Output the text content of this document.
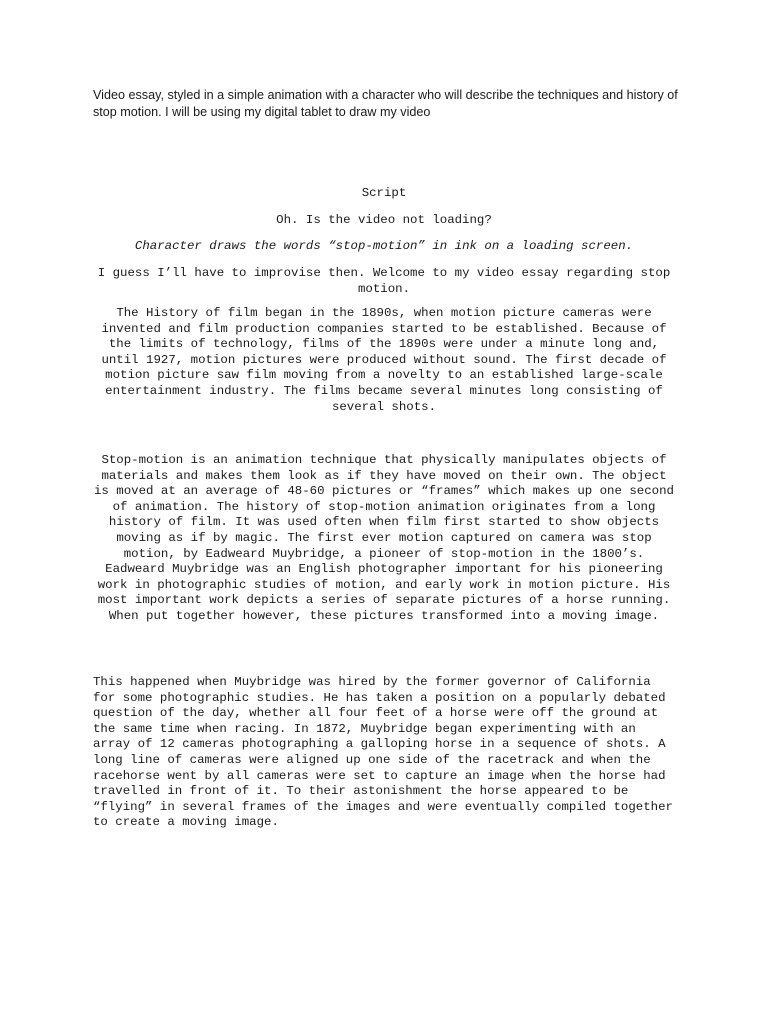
Video essay, styled in a simple animation with a character who will describe the techniques and history of stop motion. I will be using my digital tablet to draw my video

Script

Oh. Is the video not loading?

Character draws the words “stop-motion” in ink on a loading screen.

I guess I’ll have to improvise then. Welcome to my video essay regarding stop motion.

The History of film began in the 1890s, when motion picture cameras were invented and film production companies started to be established. Because of the limits of technology, films of the 1890s were under a minute long and, until 1927, motion pictures were produced without sound. The first decade of motion picture saw film moving from a novelty to an established large-scale entertainment industry. The films became several minutes long consisting of several shots.

Stop-motion is an animation technique that physically manipulates objects of materials and makes them look as if they have moved on their own. The object is moved at an average of 48-60 pictures or “frames” which makes up one second of animation. The history of stop-motion animation originates from a long history of film. It was used often when film first started to show objects moving as if by magic. The first ever motion captured on camera was stop motion, by Eadweard Muybridge, a pioneer of stop-motion in the 1800’s. Eadweard Muybridge was an English photographer important for his pioneering work in photographic studies of motion, and early work in motion picture. His most important work depicts a series of separate pictures of a horse running. When put together however, these pictures transformed into a moving image.

This happened when Muybridge was hired by the former governor of California for some photographic studies. He has taken a position on a popularly debated question of the day, whether all four feet of a horse were off the ground at the same time when racing. In 1872, Muybridge began experimenting with an array of 12 cameras photographing a galloping horse in a sequence of shots. A long line of cameras were aligned up one side of the racetrack and when the racehorse went by all cameras were set to capture an image when the horse had travelled in front of it. To their astonishment the horse appeared to be “flying” in several frames of the images and were eventually compiled together to create a moving image.
